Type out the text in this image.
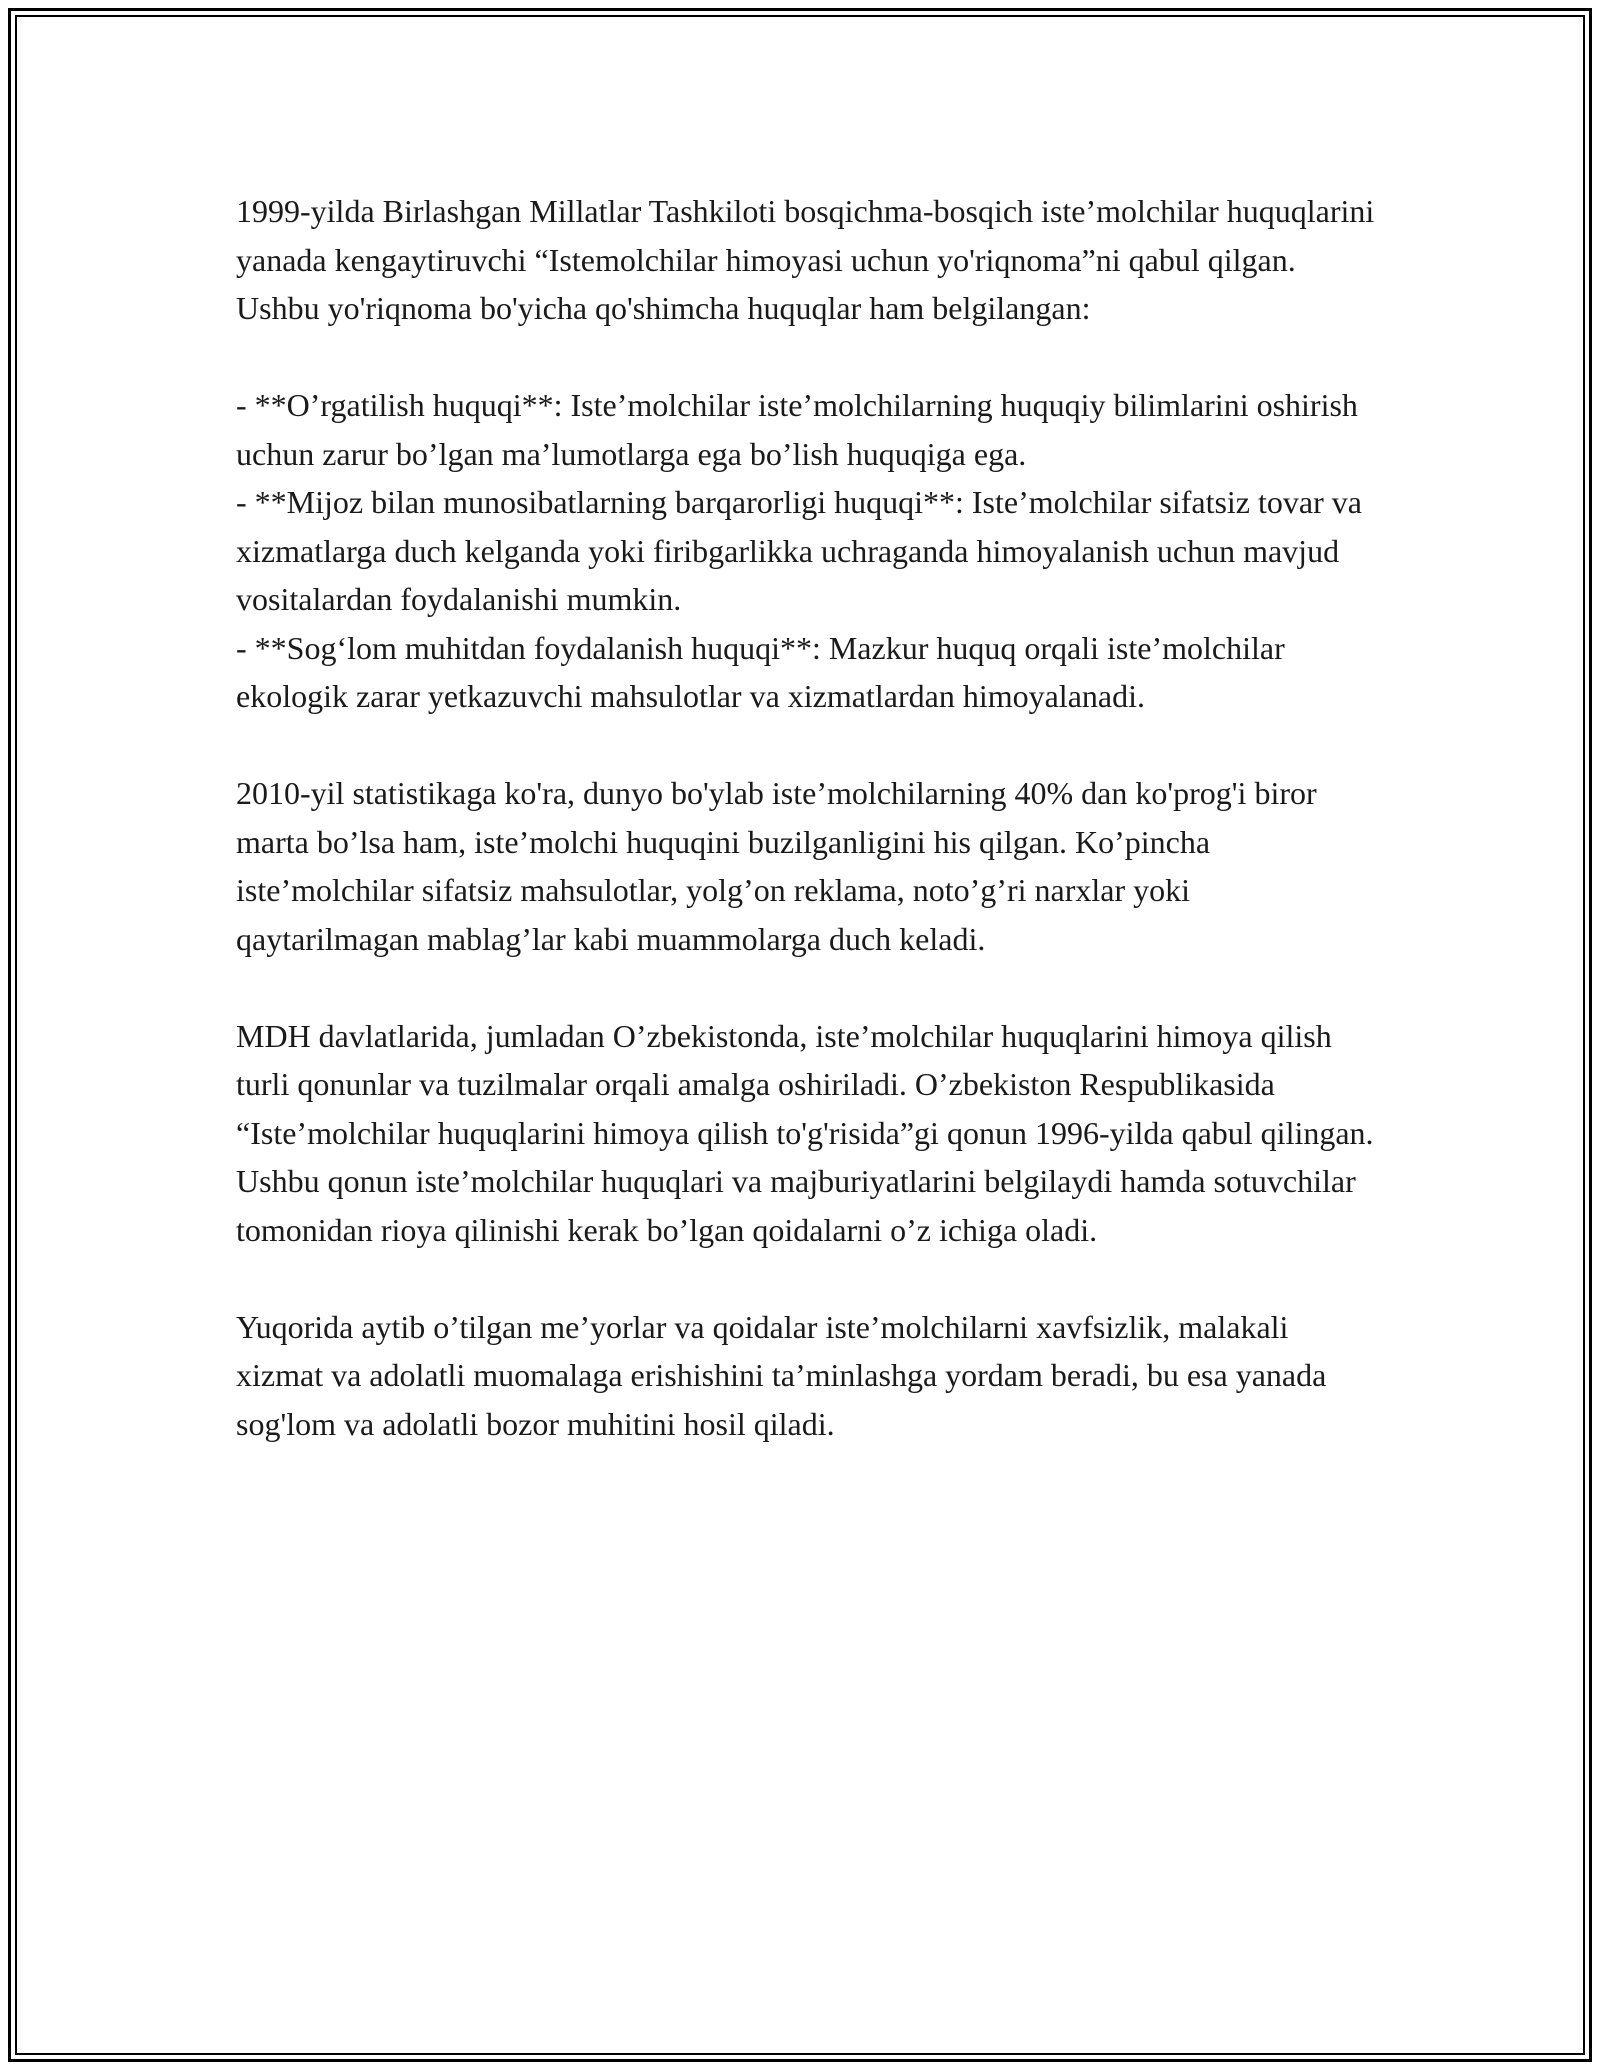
1999-yilda Birlashgan Millatlar Tashkiloti bosqichma-bosqich iste’molchilar huquqlarini yanada kengaytiruvchi “Istemolchilar himoyasi uchun yo'riqnoma”ni qabul qilgan. Ushbu yo'riqnoma bo'yicha qo'shimcha huquqlar ham belgilangan:

- **O’rgatilish huquqi**: Iste’molchilar iste’molchilarning huquqiy bilimlarini oshirish uchun zarur bo’lgan ma’lumotlarga ega bo’lish huquqiga ega.
- **Mijoz bilan munosibatlarning barqarorligi huquqi**: Iste’molchilar sifatsiz tovar va xizmatlarga duch kelganda yoki firibgarlikka uchraganda himoyalanish uchun mavjud vositalardan foydalanishi mumkin.
- **Sog‘lom muhitdan foydalanish huquqi**: Mazkur huquq orqali iste’molchilar ekologik zarar yetkazuvchi mahsulotlar va xizmatlardan himoyalanadi.

2010-yil statistikaga ko'ra, dunyo bo'ylab iste’molchilarning 40% dan ko'prog'i biror marta bo’lsa ham, iste’molchi huquqini buzilganligini his qilgan. Ko’pincha iste’molchilar sifatsiz mahsulotlar, yolg’on reklama, noto’g’ri narxlar yoki qaytarilmagan mablag’lar kabi muammolarga duch keladi.

MDH davlatlarida, jumladan O’zbekistonda, iste’molchilar huquqlarini himoya qilish turli qonunlar va tuzilmalar orqali amalga oshiriladi. O’zbekiston Respublikasida “Iste’molchilar huquqlarini himoya qilish to'g'risida”gi qonun 1996-yilda qabul qilingan. Ushbu qonun iste’molchilar huquqlari va majburiyatlarini belgilaydi hamda sotuvchilar tomonidan rioya qilinishi kerak bo’lgan qoidalarni o’z ichiga oladi.

Yuqorida aytib o’tilgan me’yorlar va qoidalar iste’molchilarni xavfsizlik, malakali xizmat va adolatli muomalaga erishishini ta’minlashga yordam beradi, bu esa yanada sog'lom va adolatli bozor muhitini hosil qiladi.
